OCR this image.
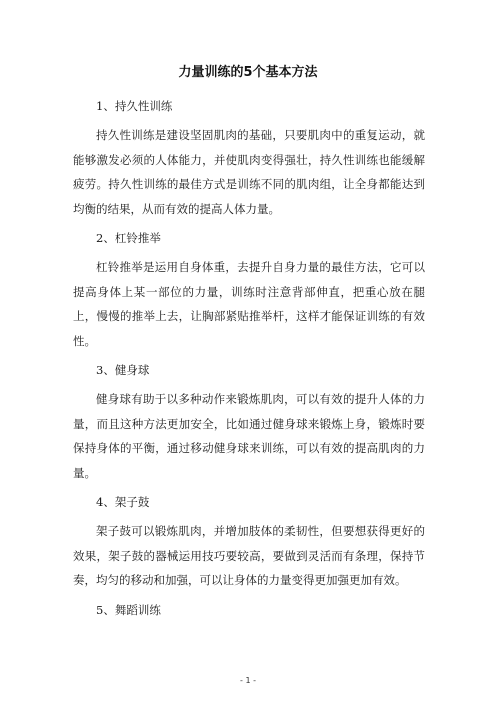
力量训练的5个基本方法

1、持久性训练

持久性训练是建设坚固肌肉的基础，只要肌肉中的重复运动，就能够激发必须的人体能力，并使肌肉变得强壮，持久性训练也能缓解疲劳。持久性训练的最佳方式是训练不同的肌肉组，让全身都能达到均衡的结果，从而有效的提高人体力量。

2、杠铃推举

杠铃推举是运用自身体重，去提升自身力量的最佳方法，它可以提高身体上某一部位的力量，训练时注意背部伸直，把重心放在腿上，慢慢的推举上去，让胸部紧贴推举杆，这样才能保证训练的有效性。

3、健身球

健身球有助于以多种动作来锻炼肌肉，可以有效的提升人体的力量，而且这种方法更加安全，比如通过健身球来锻炼上身，锻炼时要保持身体的平衡，通过移动健身球来训练，可以有效的提高肌肉的力量。

4、架子鼓

架子鼓可以锻炼肌肉，并增加肢体的柔韧性，但要想获得更好的效果，架子鼓的器械运用技巧要较高，要做到灵活而有条理，保持节奏，均匀的移动和加强，可以让身体的力量变得更加强更加有效。

5、舞蹈训练

- 1 -
